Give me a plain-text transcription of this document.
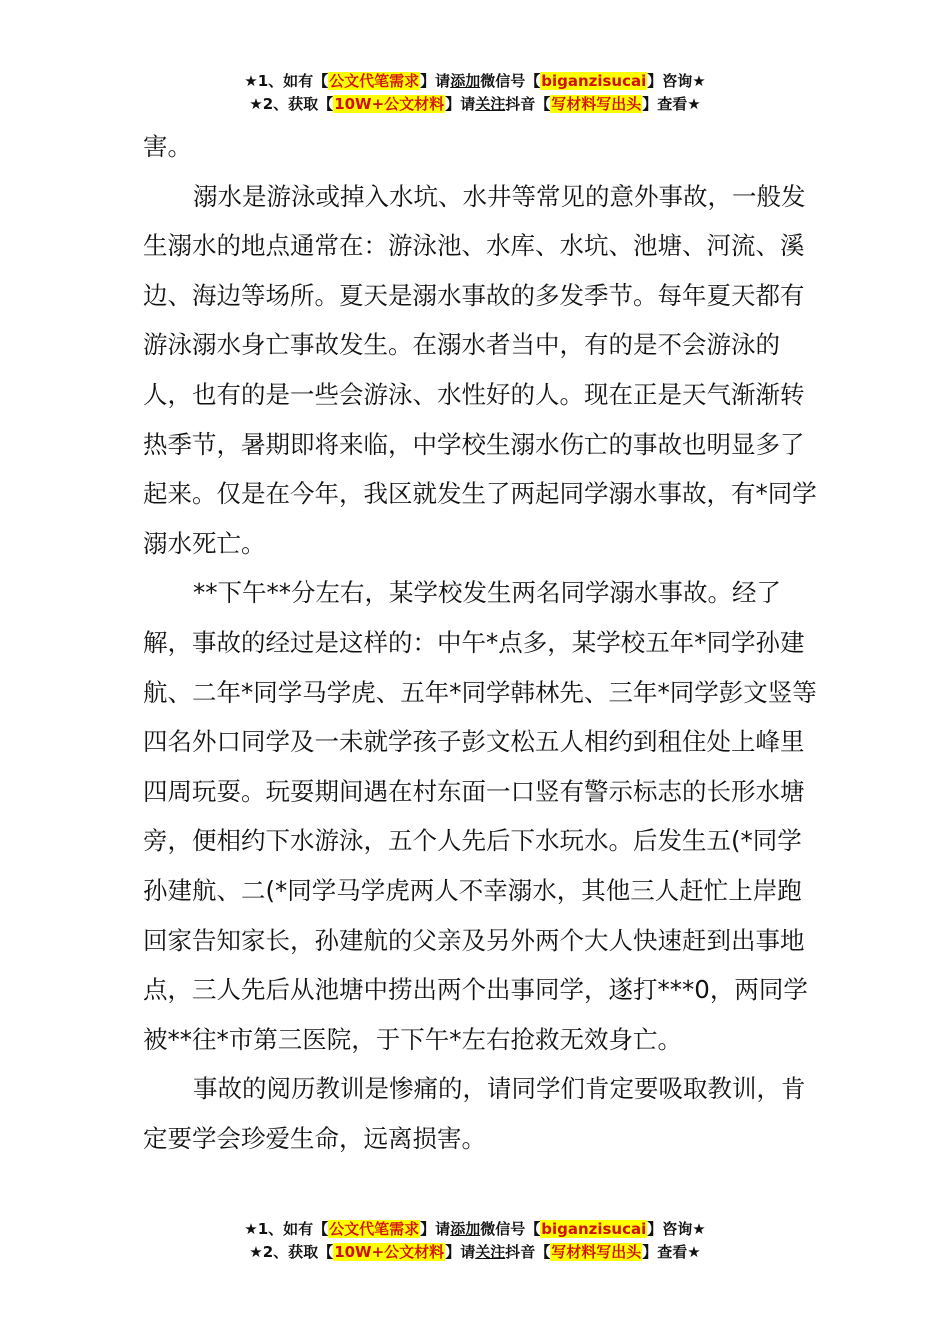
★1、如有【公文代笔需求】请添加微信号【biganzisucai】咨询★
★2、获取【10W+公文材料】请关注抖音【写材料写出头】查看★

害。

溺水是游泳或掉入水坑、水井等常见的意外事故，一般发生溺水的地点通常在：游泳池、水库、水坑、池塘、河流、溪边、海边等场所。夏天是溺水事故的多发季节。每年夏天都有游泳溺水身亡事故发生。在溺水者当中，有的是不会游泳的人，也有的是一些会游泳、水性好的人。现在正是天气渐渐转热季节，暑期即将来临，中学校生溺水伤亡的事故也明显多了起来。仅是在今年，我区就发生了两起同学溺水事故，有*同学溺水死亡。

**下午**分左右，某学校发生两名同学溺水事故。经了解，事故的经过是这样的：中午*点多，某学校五年*同学孙建航、二年*同学马学虎、五年*同学韩林先、三年*同学彭文竖等四名外口同学及一未就学孩子彭文松五人相约到租住处上峰里四周玩耍。玩耍期间遇在村东面一口竖有警示标志的长形水塘旁，便相约下水游泳，五个人先后下水玩水。后发生五(*同学孙建航、二(*同学马学虎两人不幸溺水，其他三人赶忙上岸跑回家告知家长，孙建航的父亲及另外两个大人快速赶到出事地点，三人先后从池塘中捞出两个出事同学，遂打***0，两同学被**往*市第三医院，于下午*左右抢救无效身亡。

事故的阅历教训是惨痛的，请同学们肯定要吸取教训，肯定要学会珍爱生命，远离损害。

★1、如有【公文代笔需求】请添加微信号【biganzisucai】咨询★
★2、获取【10W+公文材料】请关注抖音【写材料写出头】查看★
